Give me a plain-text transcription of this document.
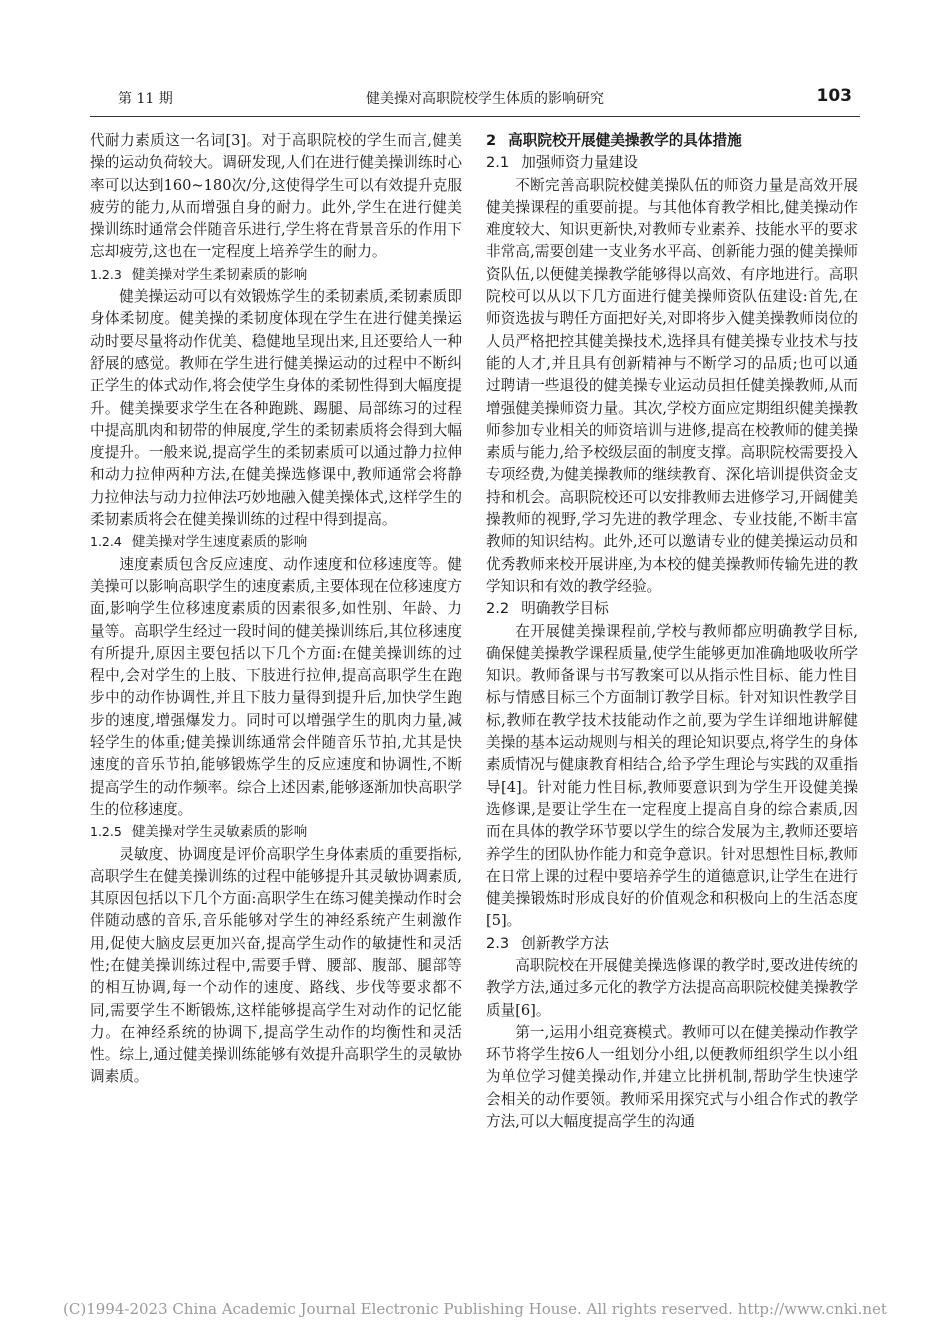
第 11 期	健美操对高职院校学生体质的影响研究	103

代耐力素质这一名词[3]。对于高职院校的学生而言,健美操的运动负荷较大。调研发现,人们在进行健美操训练时心率可以达到160~180次/分,这使得学生可以有效提升克服疲劳的能力,从而增强自身的耐力。此外,学生在进行健美操训练时通常会伴随音乐进行,学生将在背景音乐的作用下忘却疲劳,这也在一定程度上培养学生的耐力。

1.2.3 健美操对学生柔韧素质的影响

健美操运动可以有效锻炼学生的柔韧素质,柔韧素质即身体柔韧度。健美操的柔韧度体现在学生在进行健美操运动时要尽量将动作优美、稳健地呈现出来,且还要给人一种舒展的感觉。教师在学生进行健美操运动的过程中不断纠正学生的体式动作,将会使学生身体的柔韧性得到大幅度提升。健美操要求学生在各种跑跳、踢腿、局部练习的过程中提高肌肉和韧带的伸展度,学生的柔韧素质将会得到大幅度提升。一般来说,提高学生的柔韧素质可以通过静力拉伸和动力拉伸两种方法,在健美操选修课中,教师通常会将静力拉伸法与动力拉伸法巧妙地融入健美操体式,这样学生的柔韧素质将会在健美操训练的过程中得到提高。

1.2.4 健美操对学生速度素质的影响

速度素质包含反应速度、动作速度和位移速度等。健美操可以影响高职学生的速度素质,主要体现在位移速度方面,影响学生位移速度素质的因素很多,如性别、年龄、力量等。高职学生经过一段时间的健美操训练后,其位移速度有所提升,原因主要包括以下几个方面:在健美操训练的过程中,会对学生的上肢、下肢进行拉伸,提高高职学生在跑步中的动作协调性,并且下肢力量得到提升后,加快学生跑步的速度,增强爆发力。同时可以增强学生的肌肉力量,减轻学生的体重;健美操训练通常会伴随音乐节拍,尤其是快速度的音乐节拍,能够锻炼学生的反应速度和协调性,不断提高学生的动作频率。综合上述因素,能够逐渐加快高职学生的位移速度。

1.2.5 健美操对学生灵敏素质的影响

灵敏度、协调度是评价高职学生身体素质的重要指标,高职学生在健美操训练的过程中能够提升其灵敏协调素质,其原因包括以下几个方面:高职学生在练习健美操动作时会伴随动感的音乐,音乐能够对学生的神经系统产生刺激作用,促使大脑皮层更加兴奋,提高学生动作的敏捷性和灵活性;在健美操训练过程中,需要手臂、腰部、腹部、腿部等的相互协调,每一个动作的速度、路线、步伐等要求都不同,需要学生不断锻炼,这样能够提高学生对动作的记忆能力。在神经系统的协调下,提高学生动作的均衡性和灵活性。综上,通过健美操训练能够有效提升高职学生的灵敏协调素质。

2 高职院校开展健美操教学的具体措施

2.1 加强师资力量建设

不断完善高职院校健美操队伍的师资力量是高效开展健美操课程的重要前提。与其他体育教学相比,健美操动作难度较大、知识更新快,对教师专业素养、技能水平的要求非常高,需要创建一支业务水平高、创新能力强的健美操师资队伍,以便健美操教学能够得以高效、有序地进行。高职院校可以从以下几方面进行健美操师资队伍建设:首先,在师资选拔与聘任方面把好关,对即将步入健美操教师岗位的人员严格把控其健美操技术,选择具有健美操专业技术与技能的人才,并且具有创新精神与不断学习的品质;也可以通过聘请一些退役的健美操专业运动员担任健美操教师,从而增强健美操师资力量。其次,学校方面应定期组织健美操教师参加专业相关的师资培训与进修,提高在校教师的健美操素质与能力,给予校级层面的制度支撑。高职院校需要投入专项经费,为健美操教师的继续教育、深化培训提供资金支持和机会。高职院校还可以安排教师去进修学习,开阔健美操教师的视野,学习先进的教学理念、专业技能,不断丰富教师的知识结构。此外,还可以邀请专业的健美操运动员和优秀教师来校开展讲座,为本校的健美操教师传输先进的教学知识和有效的教学经验。

2.2 明确教学目标

在开展健美操课程前,学校与教师都应明确教学目标,确保健美操教学课程质量,使学生能够更加准确地吸收所学知识。教师备课与书写教案可以从指示性目标、能力性目标与情感目标三个方面制订教学目标。针对知识性教学目标,教师在教学技术技能动作之前,要为学生详细地讲解健美操的基本运动规则与相关的理论知识要点,将学生的身体素质情况与健康教育相结合,给予学生理论与实践的双重指导[4]。针对能力性目标,教师要意识到为学生开设健美操选修课,是要让学生在一定程度上提高自身的综合素质,因而在具体的教学环节要以学生的综合发展为主,教师还要培养学生的团队协作能力和竞争意识。针对思想性目标,教师在日常上课的过程中要培养学生的道德意识,让学生在进行健美操锻炼时形成良好的价值观念和积极向上的生活态度[5]。

2.3 创新教学方法

高职院校在开展健美操选修课的教学时,要改进传统的教学方法,通过多元化的教学方法提高高职院校健美操教学质量[6]。

第一,运用小组竞赛模式。教师可以在健美操动作教学环节将学生按6人一组划分小组,以便教师组织学生以小组为单位学习健美操动作,并建立比拼机制,帮助学生快速学会相关的动作要领。教师采用探究式与小组合作式的教学方法,可以大幅度提高学生的沟通

(C)1994-2023 China Academic Journal Electronic Publishing House. All rights reserved. http://www.cnki.net
